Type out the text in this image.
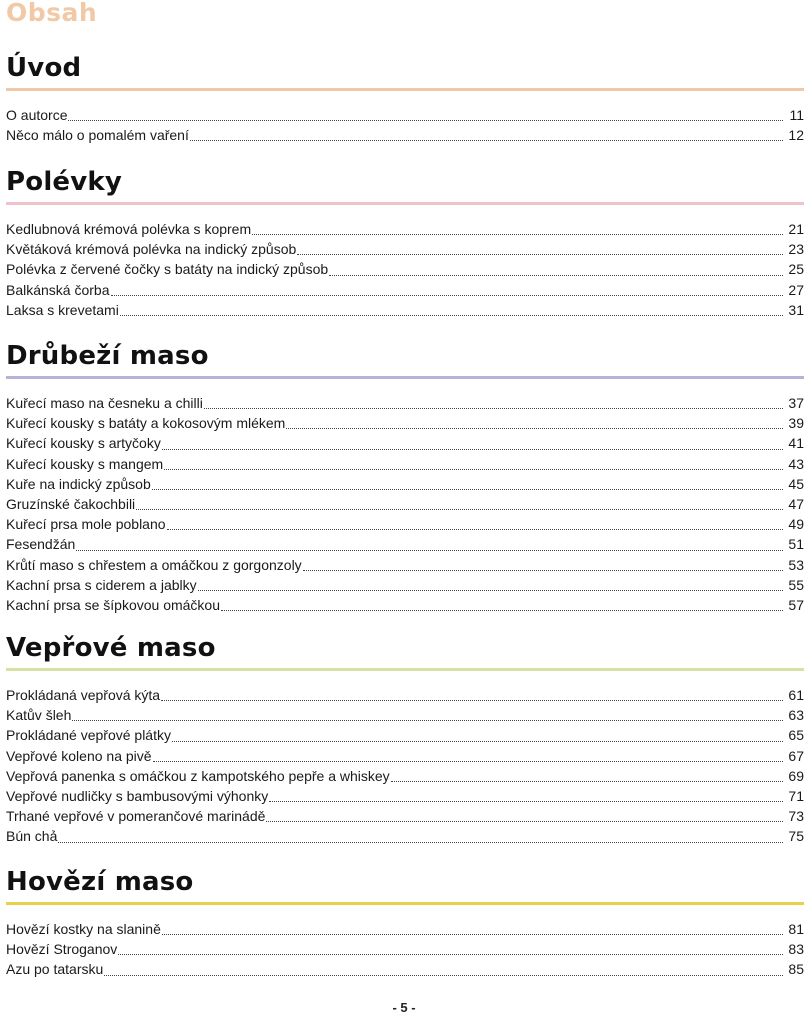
Obsah
Úvod
O autorce	11
Něco málo o pomalém vaření	12
Polévky
Kedlubnová krémová polévka s koprem	21
Květáková krémová polévka na indický způsob	23
Polévka z červené čočky s batáty na indický způsob	25
Balkánská čorba	27
Laksa s krevetami	31
Drůbeží maso
Kuřecí maso na česneku a chilli	37
Kuřecí kousky s batáty a kokosovým mlékem	39
Kuřecí kousky s artyčoky	41
Kuřecí kousky s mangem	43
Kuře na indický způsob	45
Gruzínské čakochbili	47
Kuřecí prsa mole poblano	49
Fesendžán	51
Krůtí maso s chřestem a omáčkou z gorgonzoly	53
Kachní prsa s ciderem a jablky	55
Kachní prsa se šípkovou omáčkou	57
Vepřové maso
Prokládaná vepřová kýta	61
Katův šleh	63
Prokládané vepřové plátky	65
Vepřové koleno na pivě	67
Vepřová panenka s omáčkou z kampotského pepře a whiskey	69
Vepřové nudličky s bambusovými výhonky	71
Trhané vepřové v pomerančové marinádě	73
Bún chả	75
Hovězí maso
Hovězí kostky na slanině	81
Hovězí Stroganov	83
Azu po tatarsku	85
- 5 -
